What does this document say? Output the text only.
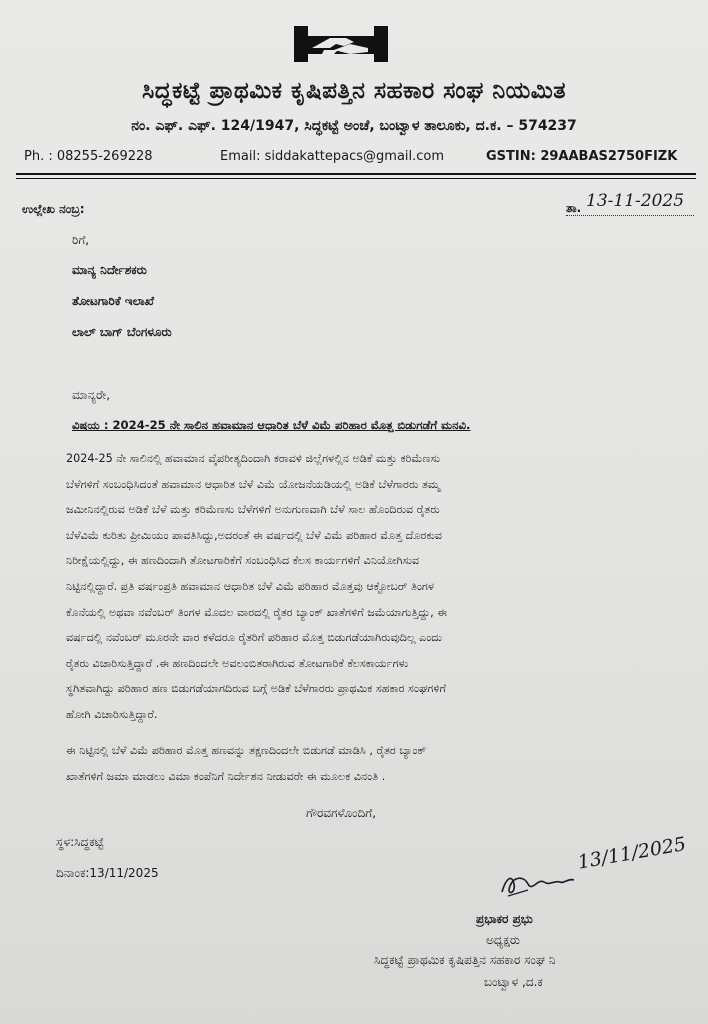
ಸಿದ್ಧಕಟ್ಟೆ ಪ್ರಾಥಮಿಕ ಕೃಷಿಪತ್ತಿನ ಸಹಕಾರ ಸಂಘ ನಿಯಮಿತ
ನಂ. ಎಫ್. ಎಫ್. 124/1947, ಸಿದ್ಧಕಟ್ಟೆ ಅಂಚೆ, ಬಂಟ್ವಾಳ ತಾಲೂಕು, ದ.ಕ. – 574237
Ph. : 08255-269228	Email: siddakattepacs@gmail.com	GSTIN: 29AABAS2750FIZK
ಉಲ್ಲೇಖ ನಂಬ್ರ:	ತಾ. 13-11-2025
ರಿಗೆ,
ಮಾನ್ಯ ನಿರ್ದೇಶಕರು
ತೋಟಗಾರಿಕೆ ಇಲಾಖೆ
ಲಾಲ್ ಬಾಗ್ ಬೆಂಗಳೂರು
ಮಾನ್ಯರೇ,
ವಿಷಯ : 2024-25 ನೇ ಸಾಲಿನ ಹವಾಮಾನ ಆಧಾರಿತ ಬೆಳೆ ವಿಮೆ ಪರಿಹಾರ ಮೊತ್ತ ಬಿಡುಗಡೆಗೆ ಮನವಿ.
2024-25 ನೇ ಸಾಲಿನಲ್ಲಿ ಹವಾಮಾನ ವೈಪರೀತ್ಯದಿಂದಾಗಿ ಕರಾವಳಿ ಜಿಲ್ಲೆಗಳಲ್ಲಿನ ಅಡಿಕೆ ಮತ್ತು ಕರಿಮೆಣಸು
ಬೆಳೆಗಳಿಗೆ ಸಂಬಂಧಿಸಿದಂತೆ ಹವಾಮಾನ ಆಧಾರಿತ ಬೆಳೆ ವಿಮೆ ಯೋಜನೆಯಡಿಯಲ್ಲಿ ಅಡಿಕೆ ಬೆಳೆಗಾರರು ತಮ್ಮ
ಜಮೀನಿನಲ್ಲಿರುವ ಅಡಿಕೆ ಬೆಳೆ ಮತ್ತು ಕರಿಮೆಣಸು ಬೆಳೆಗಳಿಗೆ ಅನುಗುಣವಾಗಿ ಬೆಳೆ ಸಾಲ ಹೊಂದಿರುವ ರೈತರು
ಬೆಳೆವಿಮೆ ಕುರಿತು ಪ್ರೀಮಿಯಂ ಪಾವತಿಸಿದ್ದು,ಅದರಂತೆ ಈ ವರ್ಷದಲ್ಲಿ ಬೆಳೆ ವಿಮೆ ಪರಿಹಾರ ಮೊತ್ತ ದೊರಕುವ
ನಿರೀಕ್ಷೆಯಲ್ಲಿದ್ದು, ಈ ಹಣದಿಂದಾಗಿ ತೋಟಗಾರಿಕೆಗೆ ಸಂಬಂಧಿಸಿದ ಕೆಲಸ ಕಾರ್ಯಗಳಿಗೆ ವಿನಿಯೋಗಿಸುವ
ನಿಟ್ಟಿನಲ್ಲಿದ್ದಾರೆ. ಪ್ರತಿ ವರ್ಷಂಪ್ರತಿ ಹವಾಮಾನ ಆಧಾರಿತ ಬೆಳೆ ವಿಮೆ ಪರಿಹಾರ ಮೊತ್ತವು ಆಕ್ಟೋಬರ್ ತಿಂಗಳ
ಕೊನೆಯಲ್ಲಿ ಅಥವಾ ನವೆಂಬರ್ ತಿಂಗಳ ಮೊದಲ ವಾರದಲ್ಲಿ ರೈತರ ಬ್ಯಾಂಕ್ ಖಾತೆಗಳಿಗೆ ಜಮೆಯಾಗುತ್ತಿದ್ದು, ಈ
ವರ್ಷದಲ್ಲಿ ನವೆಂಬರ್ ಮೂರನೇ ವಾರ ಕಳೆದರೂ ರೈತರಿಗೆ ಪರಿಹಾರ ಮೊತ್ತ ಬಿಡುಗಡೆಯಾಗಿರುವುದಿಲ್ಲ ಎಂದು
ರೈತರು ವಿಚಾರಿಸುತ್ತಿದ್ದಾರೆ .ಈ ಹಣದಿಂದಲೇ ಅವಲಂಬಿತರಾಗಿರುವ ತೋಟಗಾರಿಕೆ ಕೆಲಸಕಾರ್ಯಗಳು
ಸ್ಥಗಿತವಾಗಿದ್ದು ಪರಿಹಾರ ಹಣ ಬಿಡುಗಡೆಯಾಗದಿರುವ ಬಗ್ಗೆ ಅಡಿಕೆ ಬೆಳೆಗಾರರು ಪ್ರಾಥಮಿಕ ಸಹಕಾರ ಸಂಘಗಳಿಗೆ
ಹೋಗಿ ವಿಚಾರಿಸುತ್ತಿದ್ದಾರೆ.
ಈ ನಿಟ್ಟಿನಲ್ಲಿ ಬೆಳೆ ವಿಮೆ ಪರಿಹಾರ ಮೊತ್ತ ಹಣವನ್ನು ತಕ್ಷಣದಿಂದಲೇ ಬಿಡುಗಡೆ ಮಾಡಿಸಿ , ರೈತರ ಬ್ಯಾಂಕ್
ಖಾತೆಗಳಿಗೆ ಜಮಾ ಮಾಡಲು ವಿಮಾ ಕಂಪೆನಿಗೆ ನಿರ್ದೇಶನ ನೀಡುವರೇ ಈ ಮೂಲಕ ವಿನಂತಿ .
ಗೌರವಗಳೊಂದಿಗೆ,
ಸ್ಥಳ:ಸಿದ್ಧಕಟ್ಟೆ
ದಿನಾಂಕ:13/11/2025	13/11/2025
ಪ್ರಭಾಕರ ಪ್ರಭು
ಅಧ್ಯಕ್ಷರು
ಸಿದ್ಧಕಟ್ಟೆ ಪ್ರಾಥಮಿಕ ಕೃಷಿಪತ್ತಿನ ಸಹಕಾರ ಸಂಘ ನಿ
ಬಂಟ್ವಾಳ ,ದ.ಕ
